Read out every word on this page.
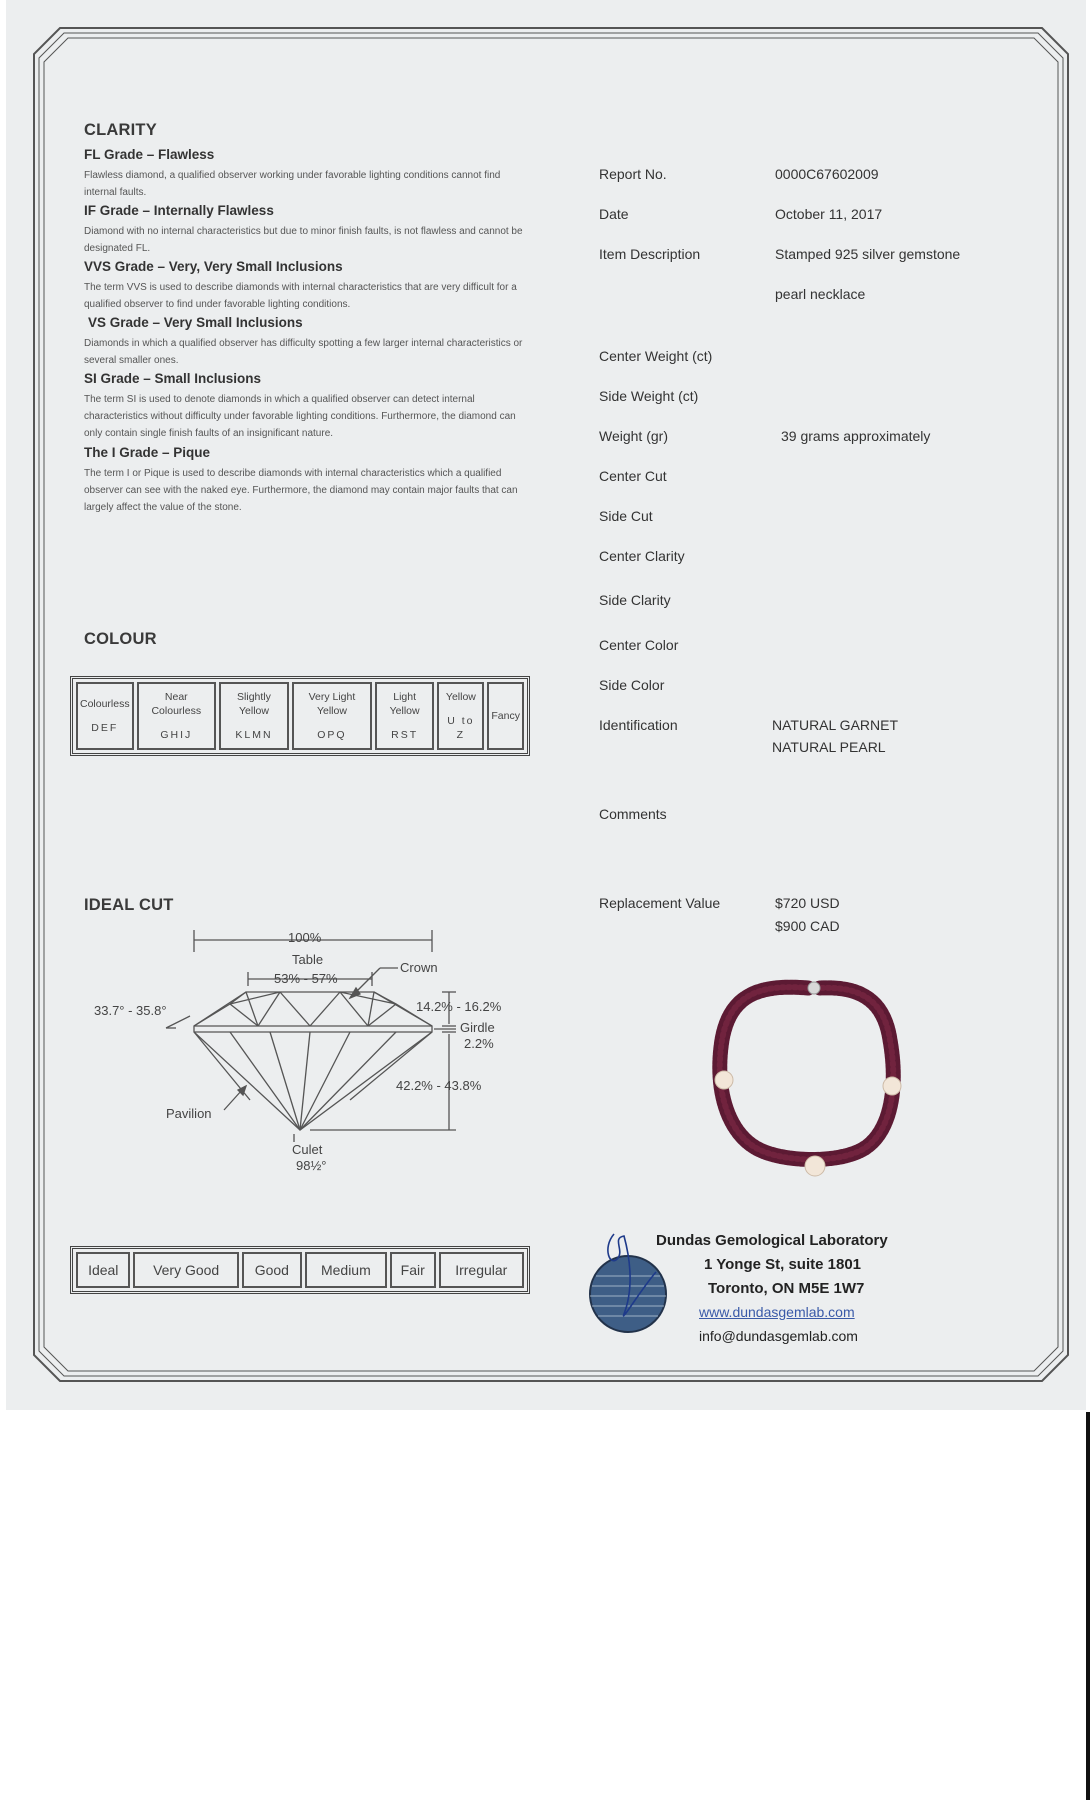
CLARITY
FL Grade – Flawless
Flawless diamond, a qualified observer working under favorable lighting conditions cannot find internal faults.
IF Grade – Internally Flawless
Diamond with no internal characteristics but due to minor finish faults, is not flawless and cannot be designated FL.
VVS Grade – Very, Very Small Inclusions
The term VVS is used to describe diamonds with internal characteristics that are very difficult for a qualified observer to find under favorable lighting conditions.
VS Grade – Very Small Inclusions
Diamonds in which a qualified observer has difficulty spotting a few larger internal characteristics or several smaller ones.
SI Grade – Small Inclusions
The term SI is used to denote diamonds in which a qualified observer can detect internal characteristics without difficulty under favorable lighting conditions. Furthermore, the diamond can only contain single finish faults of an insignificant nature.
The I Grade – Pique
The term I or Pique is used to describe diamonds with internal characteristics which a qualified observer can see with the naked eye. Furthermore, the diamond may contain major faults that can largely affect the value of the stone.
COLOUR
Colourless
DEF
	Near Colourless
GHIJ
	Slightly Yellow
KLMN
	Very Light Yellow
OPQ
	Light Yellow
RST
	Yellow
U to Z
	Fancy
IDEAL CUT
100%
Table
53% - 57%
Crown
33.7° - 35.8°	14.2% - 16.2%
Girdle
2.2%
42.2% - 43.8%
Pavilion
Culet
98½°
Ideal	Very Good	Good	Medium	Fair	Irregular
Report No.	0000C67602009
Date	October 11, 2017
Item Description	Stamped 925 silver gemstone
pearl necklace
Center Weight (ct)
Side Weight (ct)
Weight (gr)	39 grams approximately
Center Cut
Side Cut
Center Clarity
Side Clarity
Center Color
Side Color
Identification	NATURAL GARNET
NATURAL PEARL
Comments
Replacement Value	$720 USD
$900 CAD
Dundas Gemological Laboratory
1 Yonge St, suite 1801
Toronto, ON M5E 1W7
www.dundasgemlab.com
info@dundasgemlab.com
